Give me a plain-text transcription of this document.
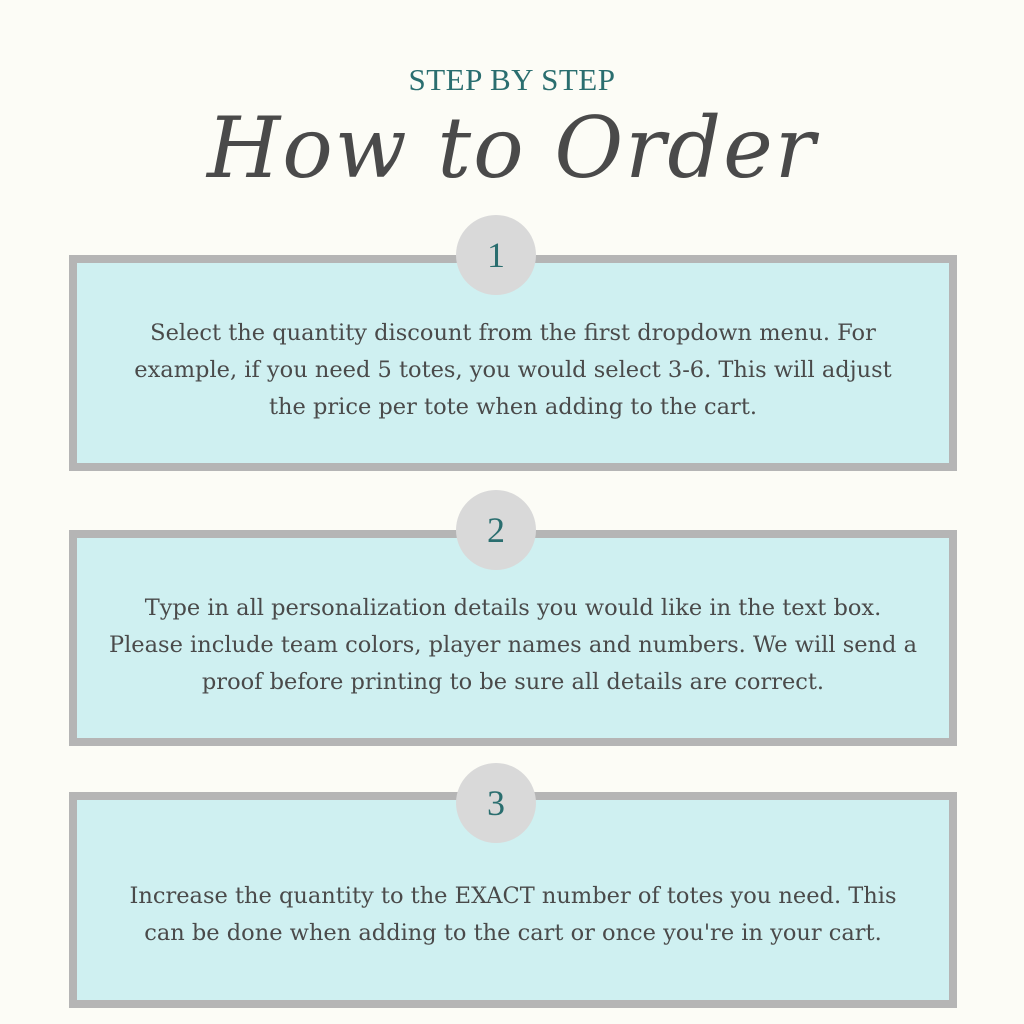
STEP BY STEP
How to Order
Select the quantity discount from the first dropdown menu. For example, if you need 5 totes, you would select 3-6. This will adjust the price per tote when adding to the cart.
1
Type in all personalization details you would like in the text box. Please include team colors, player names and numbers. We will send a proof before printing to be sure all details are correct.
2
Increase the quantity to the EXACT number of totes you need. This can be done when adding to the cart or once you're in your cart.
3
